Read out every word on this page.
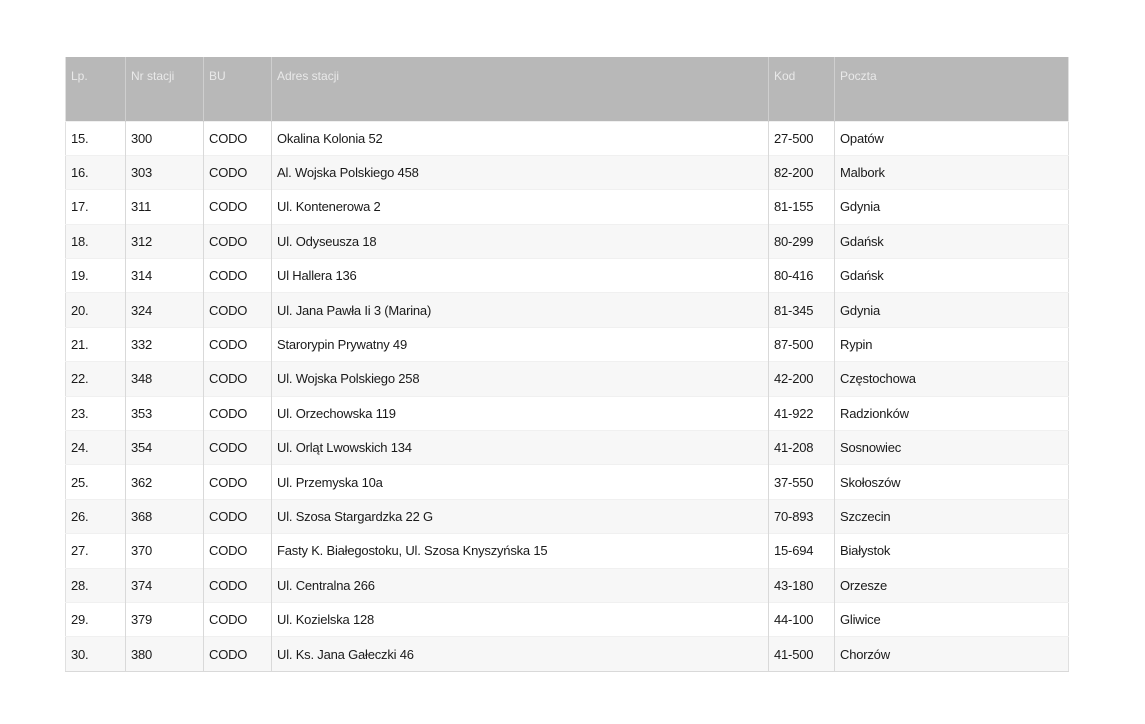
Lp.	Nr stacji	BU	Adres stacji	Kod	Poczta
15.	300	CODO	Okalina Kolonia 52	27-500	Opatów
16.	303	CODO	Al. Wojska Polskiego 458	82-200	Malbork
17.	311	CODO	Ul. Kontenerowa 2	81-155	Gdynia
18.	312	CODO	Ul. Odyseusza 18	80-299	Gdańsk
19.	314	CODO	Ul Hallera 136	80-416	Gdańsk
20.	324	CODO	Ul. Jana Pawła Ii 3 (Marina)	81-345	Gdynia
21.	332	CODO	Starorypin Prywatny 49	87-500	Rypin
22.	348	CODO	Ul. Wojska Polskiego 258	42-200	Częstochowa
23.	353	CODO	Ul. Orzechowska 119	41-922	Radzionków
24.	354	CODO	Ul. Orląt Lwowskich 134	41-208	Sosnowiec
25.	362	CODO	Ul. Przemyska 10a	37-550	Skołoszów
26.	368	CODO	Ul. Szosa Stargardzka 22 G	70-893	Szczecin
27.	370	CODO	Fasty K. Białegostoku, Ul. Szosa Knyszyńska 15	15-694	Białystok
28.	374	CODO	Ul. Centralna 266	43-180	Orzesze
29.	379	CODO	Ul. Kozielska 128	44-100	Gliwice
30.	380	CODO	Ul. Ks. Jana Gałeczki 46	41-500	Chorzów
